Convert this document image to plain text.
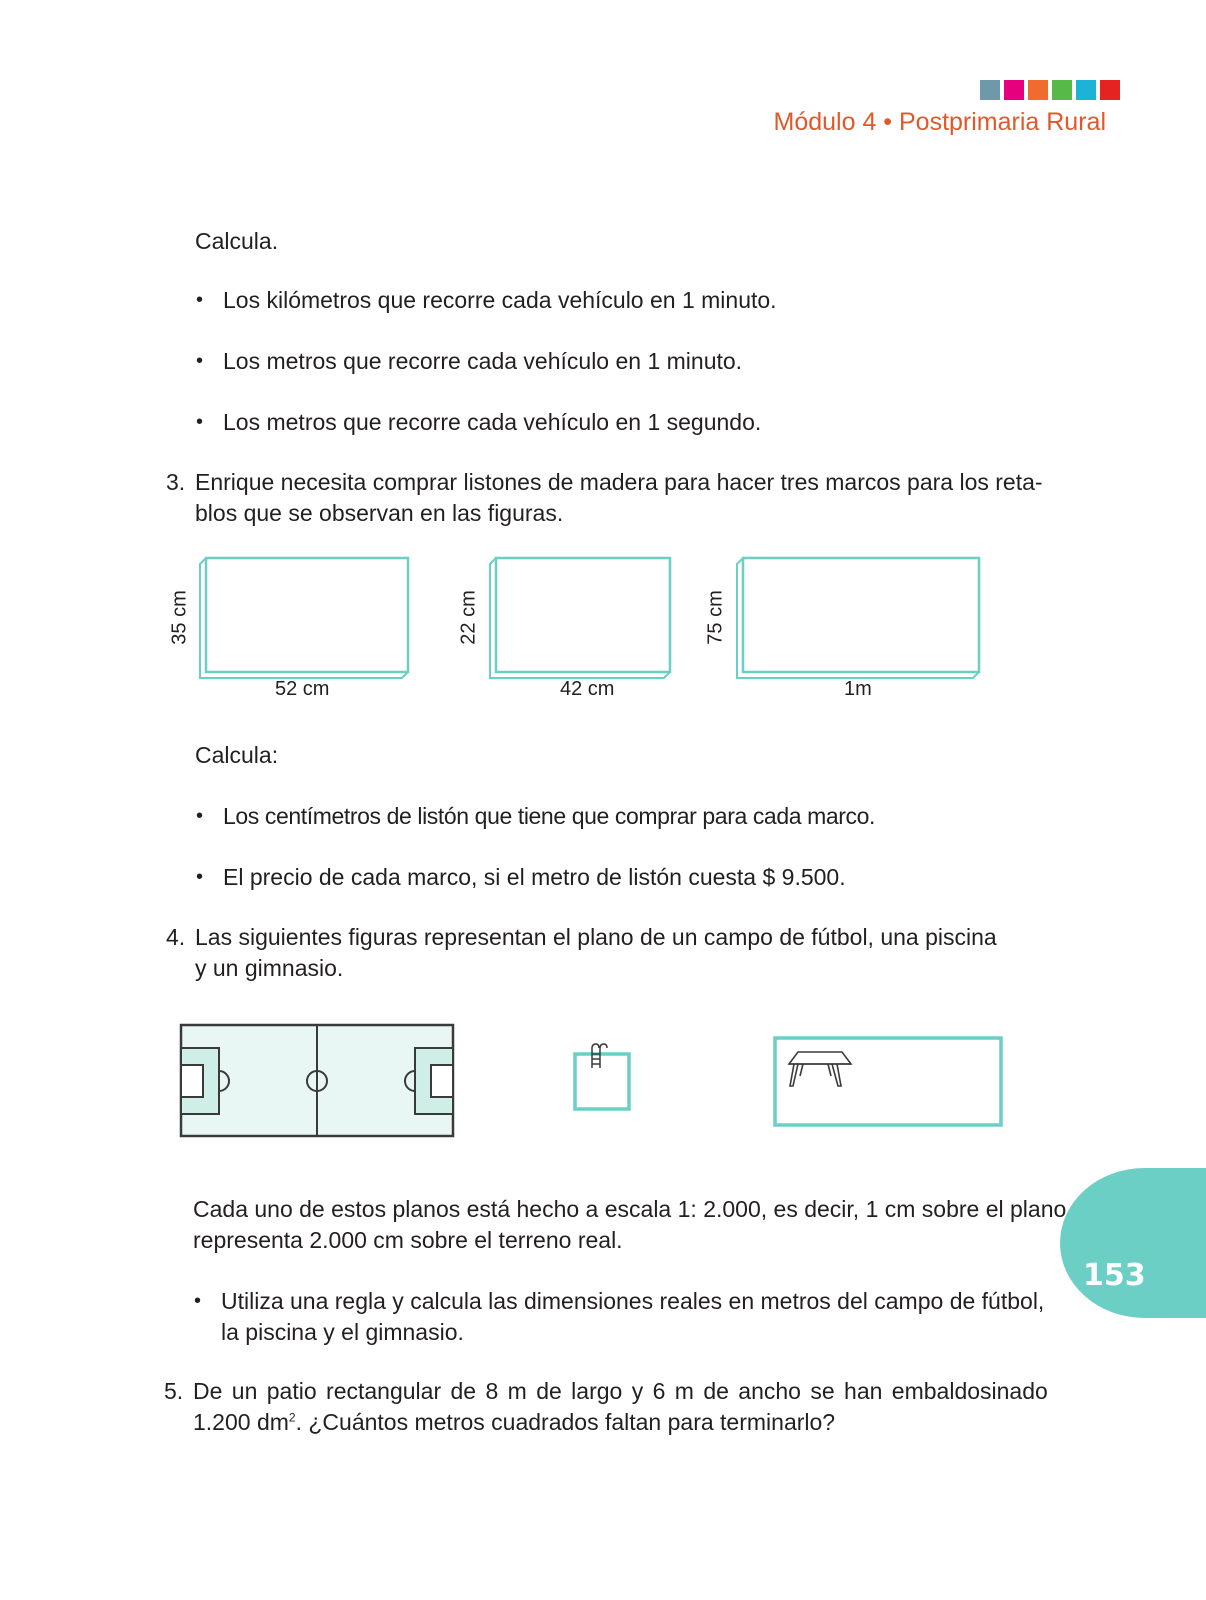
Módulo 4 • Postprimaria Rural
Calcula.
• Los kilómetros que recorre cada vehículo en 1 minuto.
• Los metros que recorre cada vehículo en 1 minuto.
• Los metros que recorre cada vehículo en 1 segundo.
3. Enrique necesita comprar listones de madera para hacer tres marcos para los reta-
blos que se observan en las figuras.
35 cm
52 cm
22 cm
42 cm
75 cm
1m
Calcula:
• Los centímetros de listón que tiene que comprar para cada marco.
• El precio de cada marco, si el metro de listón cuesta $ 9.500.
4. Las siguientes figuras representan el plano de un campo de fútbol, una piscina
y un gimnasio.
Cada uno de estos planos está hecho a escala 1: 2.000, es decir, 1 cm sobre el plano
representa 2.000 cm sobre el terreno real.
• Utiliza una regla y calcula las dimensiones reales en metros del campo de fútbol,
la piscina y el gimnasio.
5. De un patio rectangular de 8 m de largo y 6 m de ancho se han embaldosinado
1.200 $dm^2$. ¿Cuántos metros cuadrados faltan para terminarlo?
153
